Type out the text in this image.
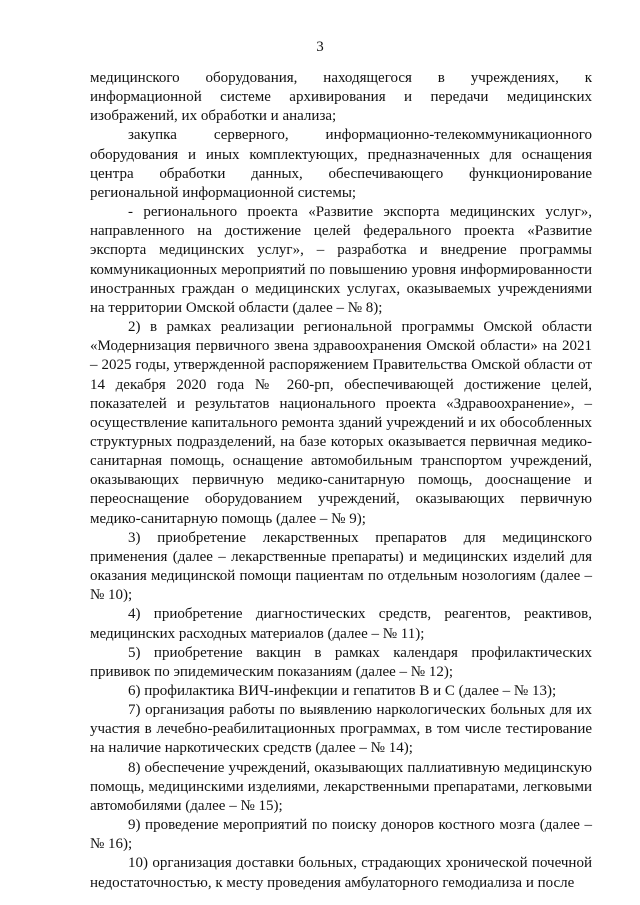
3

медицинского оборудования, находящегося в учреждениях, к информационной системе архивирования и передачи медицинских изображений, их обработки и анализа;

закупка серверного, информационно-телекоммуникационного оборудования и иных комплектующих, предназначенных для оснащения центра обработки данных, обеспечивающего функционирование региональной информационной системы;

- регионального проекта «Развитие экспорта медицинских услуг», направленного на достижение целей федерального проекта «Развитие экспорта медицинских услуг», – разработка и внедрение программы коммуникационных мероприятий по повышению уровня информированности иностранных граждан о медицинских услугах, оказываемых учреждениями на территории Омской области (далее – № 8);

2) в рамках реализации региональной программы Омской области «Модернизация первичного звена здравоохранения Омской области» на 2021 – 2025 годы, утвержденной распоряжением Правительства Омской области от 14 декабря 2020 года № 260-рп, обеспечивающей достижение целей, показателей и результатов национального проекта «Здравоохранение», – осуществление капитального ремонта зданий учреждений и их обособленных структурных подразделений, на базе которых оказывается первичная медико-санитарная помощь, оснащение автомобильным транспортом учреждений, оказывающих первичную медико-санитарную помощь, дооснащение и переоснащение оборудованием учреждений, оказывающих первичную медико-санитарную помощь (далее – № 9);

3) приобретение лекарственных препаратов для медицинского применения (далее – лекарственные препараты) и медицинских изделий для оказания медицинской помощи пациентам по отдельным нозологиям (далее – № 10);

4) приобретение диагностических средств, реагентов, реактивов, медицинских расходных материалов (далее – № 11);

5) приобретение вакцин в рамках календаря профилактических прививок по эпидемическим показаниям (далее – № 12);

6) профилактика ВИЧ-инфекции и гепатитов В и С (далее – № 13);

7) организация работы по выявлению наркологических больных для их участия в лечебно-реабилитационных программах, в том числе тестирование на наличие наркотических средств (далее – № 14);

8) обеспечение учреждений, оказывающих паллиативную медицинскую помощь, медицинскими изделиями, лекарственными препаратами, легковыми автомобилями (далее – № 15);

9) проведение мероприятий по поиску доноров костного мозга (далее – № 16);

10) организация доставки больных, страдающих хронической почечной недостаточностью, к месту проведения амбулаторного гемодиализа и после
